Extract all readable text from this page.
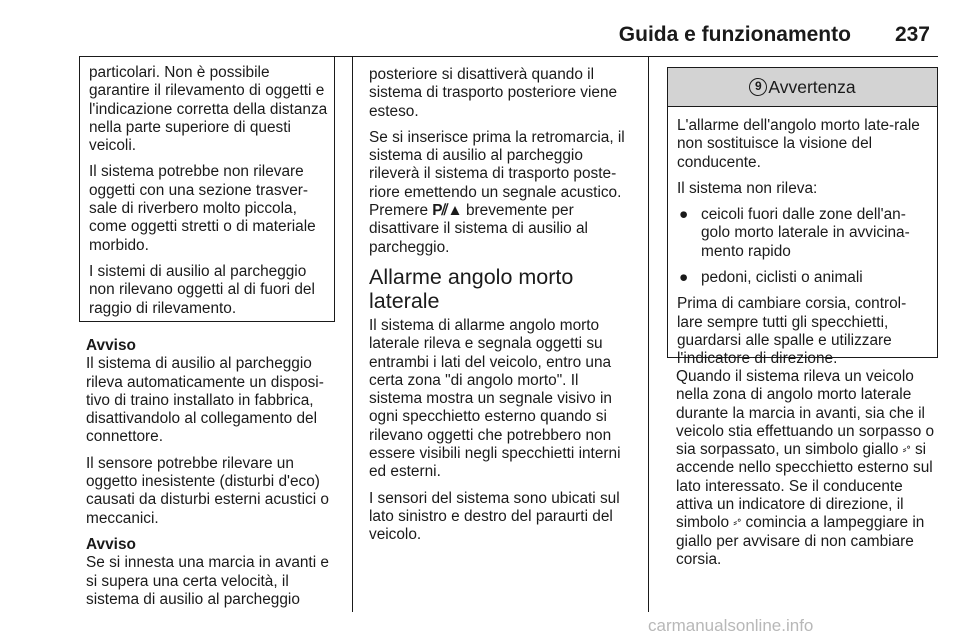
Guida e funzionamento 237

particolari. Non è possibile garantire il rilevamento di oggetti e l'indicazione corretta della distanza nella parte superiore di questi veicoli.

Il sistema potrebbe non rilevare oggetti con una sezione trasver-sale di riverbero molto piccola, come oggetti stretti o di materiale morbido.

I sistemi di ausilio al parcheggio non rilevano oggetti al di fuori del raggio di rilevamento.

Avviso

Il sistema di ausilio al parcheggio rileva automaticamente un disposi-tivo di traino installato in fabbrica, disattivandolo al collegamento del connettore.

Il sensore potrebbe rilevare un oggetto inesistente (disturbi d'eco) causati da disturbi esterni acustici o meccanici.

Avviso

Se si innesta una marcia in avanti e si supera una certa velocità, il sistema di ausilio al parcheggio

posteriore si disattiverà quando il sistema di trasporto posteriore viene esteso.

Se si inserisce prima la retromarcia, il sistema di ausilio al parcheggio rileverà il sistema di trasporto poste-riore emettendo un segnale acustico. Premere P⫽▲ brevemente per disattivare il sistema di ausilio al parcheggio.

Allarme angolo morto laterale

Il sistema di allarme angolo morto laterale rileva e segnala oggetti su entrambi i lati del veicolo, entro una certa zona "di angolo morto". Il sistema mostra un segnale visivo in ogni specchietto esterno quando si rilevano oggetti che potrebbero non essere visibili negli specchietti interni ed esterni.

I sensori del sistema sono ubicati sul lato sinistro e destro del paraurti del veicolo.

9 Avvertenza

L'allarme dell'angolo morto late-rale non sostituisce la visione del conducente.

Il sistema non rileva:

● ceicoli fuori dalle zone dell'an-golo morto laterale in avvicina-mento rapido

● pedoni, ciclisti o animali

Prima di cambiare corsia, control-lare sempre tutti gli specchietti, guardarsi alle spalle e utilizzare l'indicatore di direzione.

Quando il sistema rileva un veicolo nella zona di angolo morto laterale durante la marcia in avanti, sia che il veicolo stia effettuando un sorpasso o sia sorpassato, un simbolo giallo ⸗ᐤ si accende nello specchietto esterno sul lato interessato. Se il conducente attiva un indicatore di direzione, il simbolo ⸗ᐤ comincia a lampeggiare in giallo per avvisare di non cambiare corsia.

carmanualsonline.info
